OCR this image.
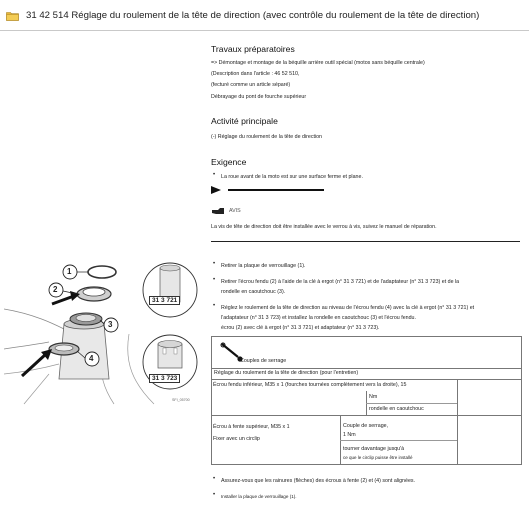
31 42 514 Réglage du roulement de la tête de direction (avec contrôle du roulement de la tête de direction)
Travaux préparatoires
=> Démontage et montage de la béquille arrière outil spécial (motos sans béquille centrale)
(Description dans l'article : 46 52 510,
(fecturé comme un article séparé)
Débrayage du pont de fourche supérieur
Activité principale
(-) Réglage du roulement de la tête de direction
Exigence
• La roue avant de la moto est sur une surface ferme et plane.
AVIS
La vis de tête de direction doit être installée avec le verrou à vis, suivez le manuel de réparation.
1
2
3
4
31 3 721
31 3 723
SFI_05700
• Retirer la plaque de verrouillage (1).
• Retirer l'écrou fendu (2) à l'aide de la clé à ergot (n° 31 3 721) et de l'adaptateur (n° 31 3 723) et de la
rondelle en caoutchouc (3).
• Réglez le roulement de la tête de direction au niveau de l'écrou fendu (4) avec la clé à ergot (n° 31 3 721) et
l'adaptateur (n° 31 3 723) et installez la rondelle en caoutchouc (3) et l'écrou fendu.
écrou (2) avec clé à ergot (n° 31 3 721) et adaptateur (n° 31 3 723).
Couples de serrage
Réglage du roulement de la tête de direction (pour l'entretien)
Écrou fendu inférieur, M35 x 1 (fourches tournées complètement vers la droite), 15
Nm
rondelle en caoutchouc
Écrou à fente supérieur, M35 x 1
Fixer avec un circlip
Couple de serrage,
1 Nm
tourner davantage jusqu'à
ce que le circlip puisse être installé
• Assurez-vous que les rainures (flèches) des écrous à fente (2) et (4) sont alignées.
• Installer la plaque de verrouillage (1).
